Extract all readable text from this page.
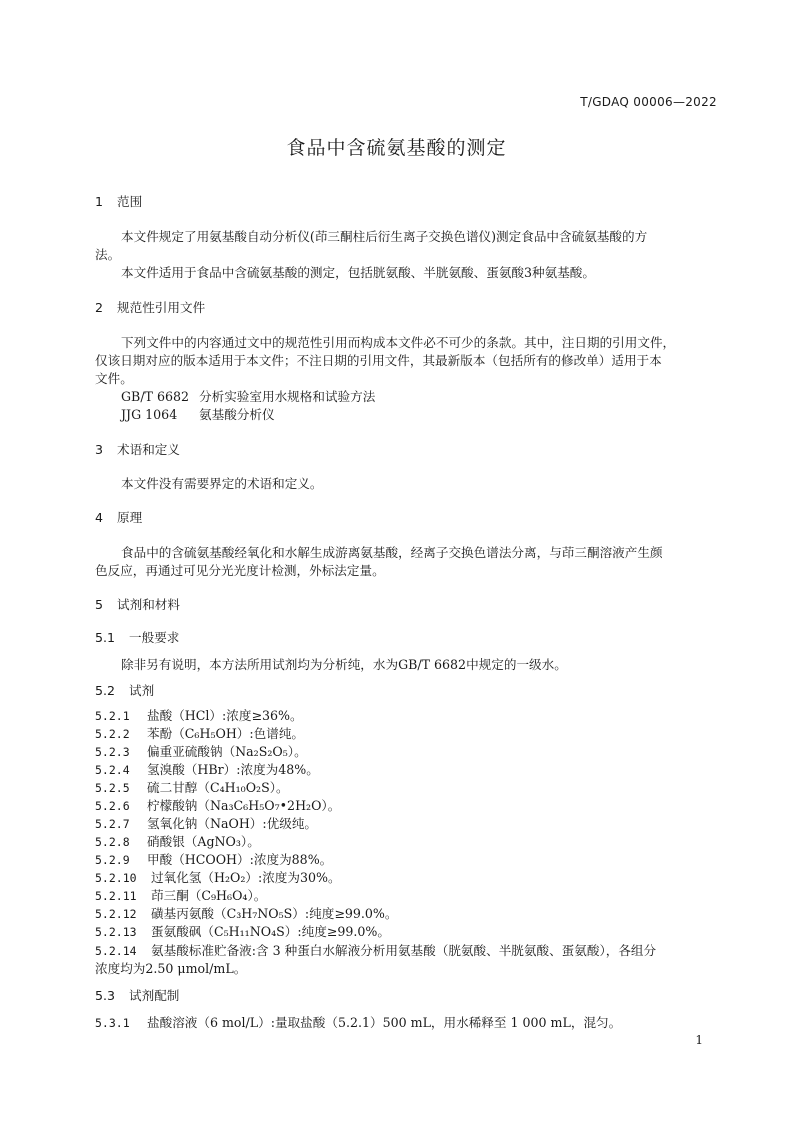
T/GDAQ 00006—2022
食品中含硫氨基酸的测定
1 范围
本文件规定了用氨基酸自动分析仪(茚三酮柱后衍生离子交换色谱仪)测定食品中含硫氨基酸的方
法。
本文件适用于食品中含硫氨基酸的测定，包括胱氨酸、半胱氨酸、蛋氨酸3种氨基酸。
2 规范性引用文件
下列文件中的内容通过文中的规范性引用而构成本文件必不可少的条款。其中，注日期的引用文件，
仅该日期对应的版本适用于本文件；不注日期的引用文件，其最新版本（包括所有的修改单）适用于本
文件。
GB/T 6682 分析实验室用水规格和试验方法
JJG 1064 氨基酸分析仪
3 术语和定义
本文件没有需要界定的术语和定义。
4 原理
食品中的含硫氨基酸经氧化和水解生成游离氨基酸，经离子交换色谱法分离，与茚三酮溶液产生颜
色反应，再通过可见分光光度计检测，外标法定量。
5 试剂和材料
5.1 一般要求
除非另有说明，本方法所用试剂均为分析纯，水为GB/T 6682中规定的一级水。
5.2 试剂
5.2.1 盐酸（HCl）:浓度≥36%。
5.2.2 苯酚（C₆H₅OH）:色谱纯。
5.2.3 偏重亚硫酸钠（Na₂S₂O₅）。
5.2.4 氢溴酸（HBr）:浓度为48%。
5.2.5 硫二甘醇（C₄H₁₀O₂S）。
5.2.6 柠檬酸钠（Na₃C₆H₅O₇•2H₂O）。
5.2.7 氢氧化钠（NaOH）:优级纯。
5.2.8 硝酸银（AgNO₃）。
5.2.9 甲酸（HCOOH）:浓度为88%。
5.2.10 过氧化氢（H₂O₂）:浓度为30%。
5.2.11 茚三酮（C₉H₆O₄）。
5.2.12 磺基丙氨酸（C₃H₇NO₅S）:纯度≥99.0%。
5.2.13 蛋氨酸砜（C₅H₁₁NO₄S）:纯度≥99.0%。
5.2.14 氨基酸标准贮备液:含 3 种蛋白水解液分析用氨基酸（胱氨酸、半胱氨酸、蛋氨酸），各组分
浓度均为2.50 μmol/mL。
5.3 试剂配制
5.3.1 盐酸溶液（6 mol/L）:量取盐酸（5.2.1）500 mL，用水稀释至 1 000 mL，混匀。
1
